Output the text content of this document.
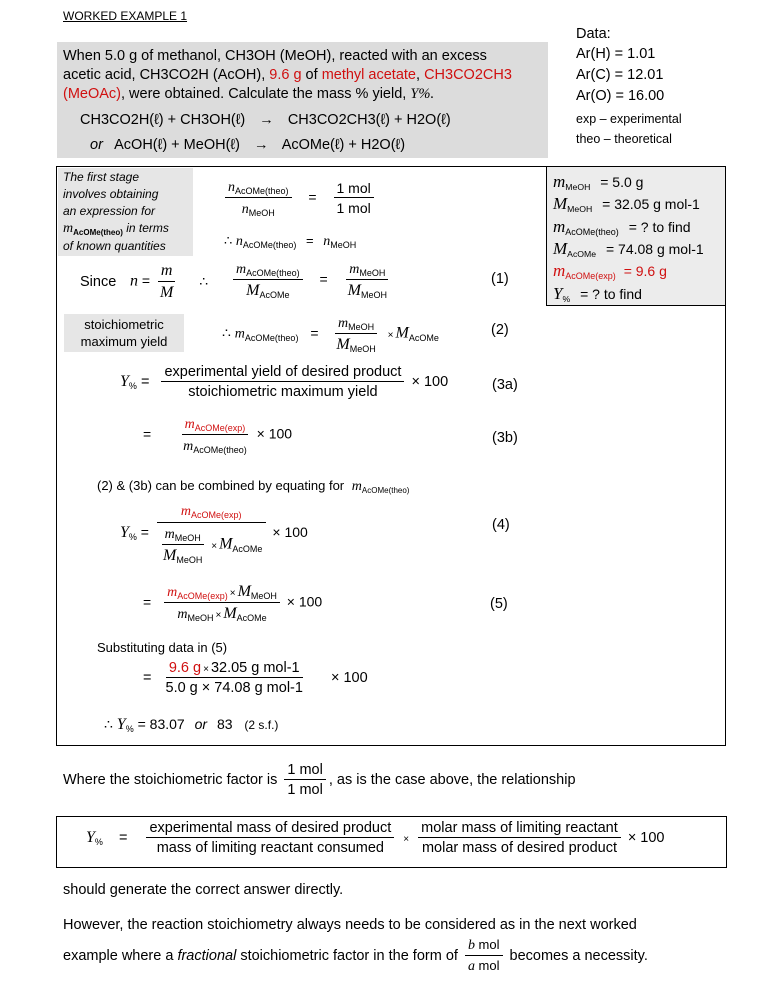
WORKED EXAMPLE 1
When 5.0 g of methanol, CH3OH (MeOH), reacted with an excess
acetic acid, CH3CO2H (AcOH), 9.6 g of methyl acetate, CH3CO2CH3
(MeOAc), were obtained. Calculate the mass % yield, Y%.
CH3CO2H(ℓ) + CH3OH(ℓ) → CH3CO2CH3(ℓ) + H2O(ℓ)
or AcOH(ℓ) + MeOH(ℓ) → AcOMe(ℓ) + H2O(ℓ)
Data:
Ar(H) = 1.01
Ar(C) = 12.01
Ar(O) = 16.00
exp – experimental
theo – theoretical
$m_{MeOH} = 5.0$ g
$M_{MeOH} = 32.05$ g mol-1
$m_{AcOMe(theo)}$ = ? to find
$M_{AcOMe} = 74.08$ g mol-1
$m_{AcOMe(exp)} = 9.6$ g
$Y_{\%}$ = ? to find
The first stage
involves obtaining
an expression for
$m_{AcOMe(theo)}$ in terms
of known quantities
$\frac{n_{AcOMe(theo)}}{n_{MeOH}} = \frac{\text{1 mol}}{\text{1 mol}}$
∴ $n_{AcOMe(theo)} = n_{MeOH}$
Since $n = \frac{m}{M}$ ∴ $\frac{m_{AcOMe(theo)}}{M_{AcOMe}} = \frac{m_{MeOH}}{M_{MeOH}}$	(1)
stoichiometric
maximum yield
∴ $m_{AcOMe(theo)} = \frac{m_{MeOH}}{M_{MeOH}} \times M_{AcOMe}$	(2)
$Y_{\%} = \frac{\text{experimental yield of desired product}}{\text{stoichiometric maximum yield}} \times 100$	(3a)
= $\frac{m_{AcOMe(exp)}}{m_{AcOMe(theo)}} \times 100$	(3b)
(2) & (3b) can be combined by equating for $m_{AcOMe(theo)}$
$Y_{\%} = \frac{m_{AcOMe(exp)}}{\frac{m_{MeOH}}{M_{MeOH}} \times M_{AcOMe}} \times 100$	(4)
= $\frac{m_{AcOMe(exp)} \times M_{MeOH}}{m_{MeOH} \times M_{AcOMe}} \times 100$	(5)
Substituting data in (5)
= $\frac{\text{9.6 g × 32.05 g mol-1}}{\text{5.0 g × 74.08 g mol-1}} \times 100$
∴ $Y_{\%} = 83.07$ or 83 (2 s.f.)
Where the stoichiometric factor is $\frac{\text{1 mol}}{\text{1 mol}}$ , as is the case above, the relationship
$Y_{\%} = \frac{\text{experimental mass of desired product}}{\text{mass of limiting reactant consumed}} \times \frac{\text{molar mass of limiting reactant}}{\text{molar mass of desired product}} \times 100$
should generate the correct answer directly.
However, the reaction stoichiometry always needs to be considered as in the next worked
example where a fractional stoichiometric factor in the form of $\frac{\text{b mol}}{\text{a mol}}$ becomes a necessity.
